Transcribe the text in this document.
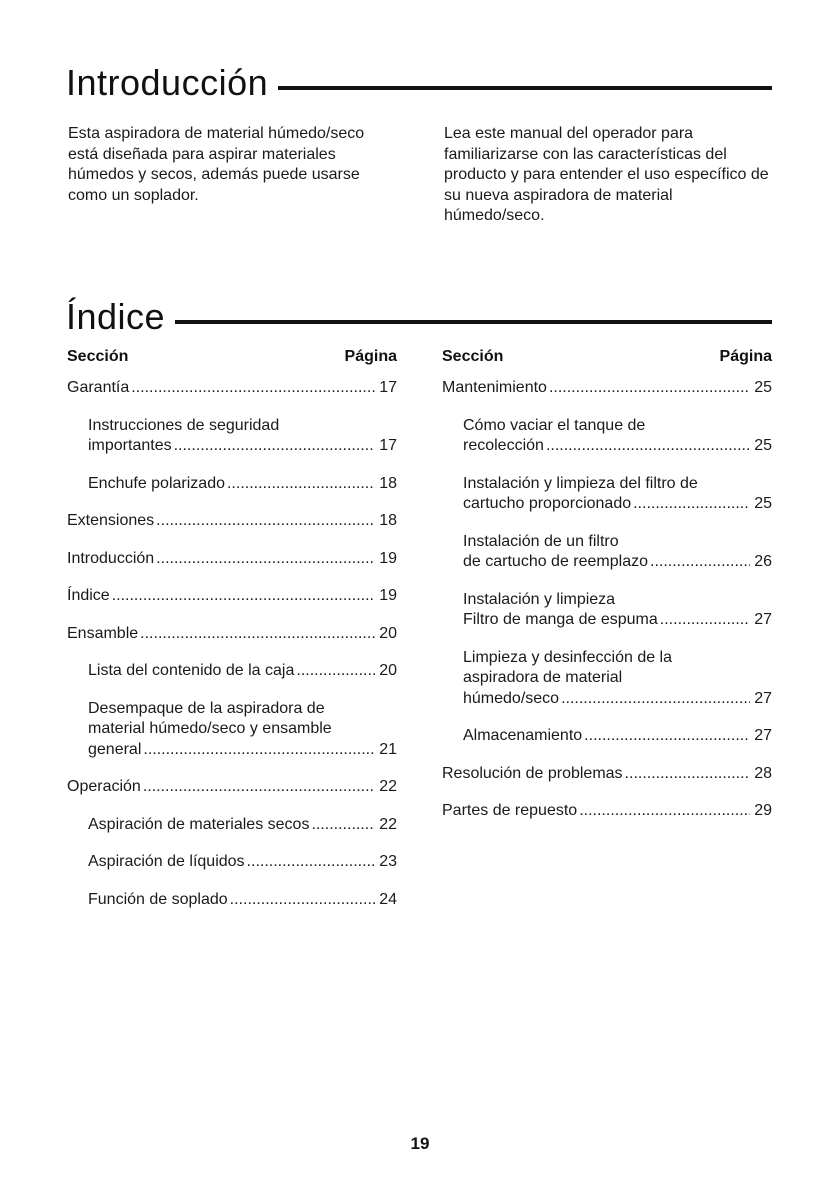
Introducción
Esta aspiradora de material húmedo/seco está diseñada para aspirar materiales húmedos y secos, además puede usarse como un soplador.
Lea este manual del operador para familiarizarse con las características del producto y para entender el uso específico de su nueva aspiradora de material húmedo/seco.
Índice
Sección	Página
Garantía .....	17
Instrucciones de seguridad
importantes .....	17
Enchufe polarizado .....	18
Extensiones .....	18
Introducción .....	19
Índice .....	19
Ensamble .....	20
Lista del contenido de la caja .....	20
Desempaque de la aspiradora de
material húmedo/seco y ensamble
general .....	21
Operación .....	22
Aspiración de materiales secos .....	22
Aspiración de líquidos .....	23
Función de soplado .....	24
Sección	Página
Mantenimiento .....	25
Cómo vaciar el tanque de
recolección .....	25
Instalación y limpieza del filtro de
cartucho proporcionado .....	25
Instalación de un filtro
de cartucho de reemplazo .....	26
Instalación y limpieza
Filtro de manga de espuma .....	27
Limpieza y desinfección de la
aspiradora de material
húmedo/seco .....	27
Almacenamiento .....	27
Resolución de problemas .....	28
Partes de repuesto .....	29
19
